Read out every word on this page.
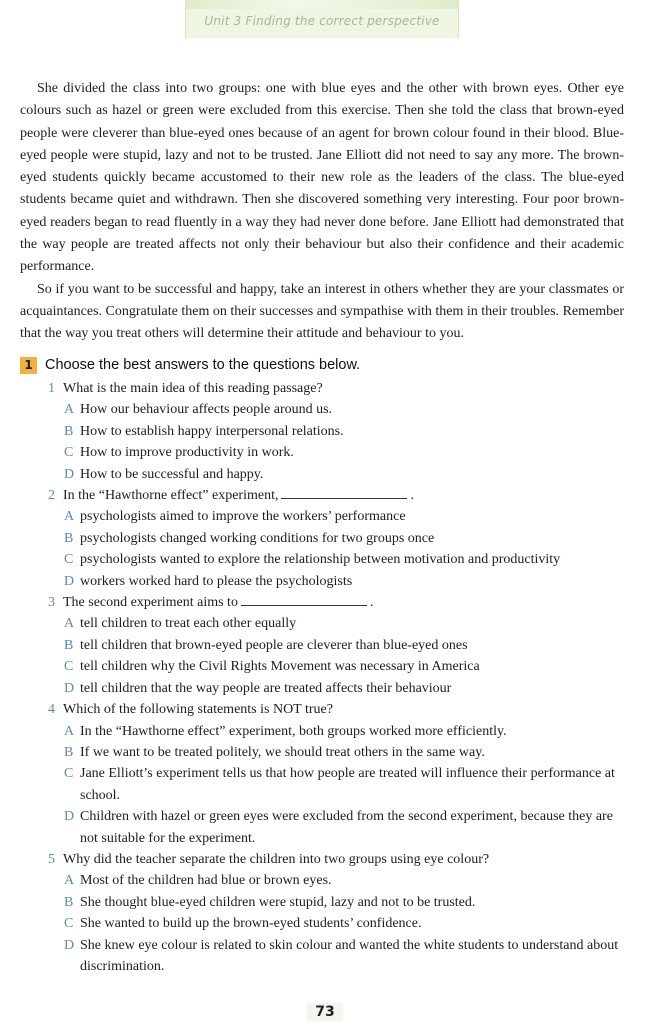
Unit 3 Finding the correct perspective

She divided the class into two groups: one with blue eyes and the other with brown eyes. Other eye colours such as hazel or green were excluded from this exercise. Then she told the class that brown-eyed people were cleverer than blue-eyed ones because of an agent for brown colour found in their blood. Blue-eyed people were stupid, lazy and not to be trusted. Jane Elliott did not need to say any more. The brown-eyed students quickly became accustomed to their new role as the leaders of the class. The blue-eyed students became quiet and withdrawn. Then she discovered something very interesting. Four poor brown-eyed readers began to read fluently in a way they had never done before. Jane Elliott had demonstrated that the way people are treated affects not only their behaviour but also their confidence and their academic performance.

So if you want to be successful and happy, take an interest in others whether they are your classmates or acquaintances. Congratulate them on their successes and sympathise with them in their troubles. Remember that the way you treat others will determine their attitude and behaviour to you.

1 Choose the best answers to the questions below.
1 What is the main idea of this reading passage?
A How our behaviour affects people around us.
B How to establish happy interpersonal relations.
C How to improve productivity in work.
D How to be successful and happy.
2 In the “Hawthorne effect” experiment,	.
A psychologists aimed to improve the workers’ performance
B psychologists changed working conditions for two groups once
C psychologists wanted to explore the relationship between motivation and productivity
D workers worked hard to please the psychologists
3 The second experiment aims to	.
A tell children to treat each other equally
B tell children that brown-eyed people are cleverer than blue-eyed ones
C tell children why the Civil Rights Movement was necessary in America
D tell children that the way people are treated affects their behaviour
4 Which of the following statements is NOT true?
A In the “Hawthorne effect” experiment, both groups worked more efficiently.
B If we want to be treated politely, we should treat others in the same way.
C Jane Elliott’s experiment tells us that how people are treated will influence their performance at school.
D Children with hazel or green eyes were excluded from the second experiment, because they are not suitable for the experiment.
5 Why did the teacher separate the children into two groups using eye colour?
A Most of the children had blue or brown eyes.
B She thought blue-eyed children were stupid, lazy and not to be trusted.
C She wanted to build up the brown-eyed students’ confidence.
D She knew eye colour is related to skin colour and wanted the white students to understand about discrimination.
73
